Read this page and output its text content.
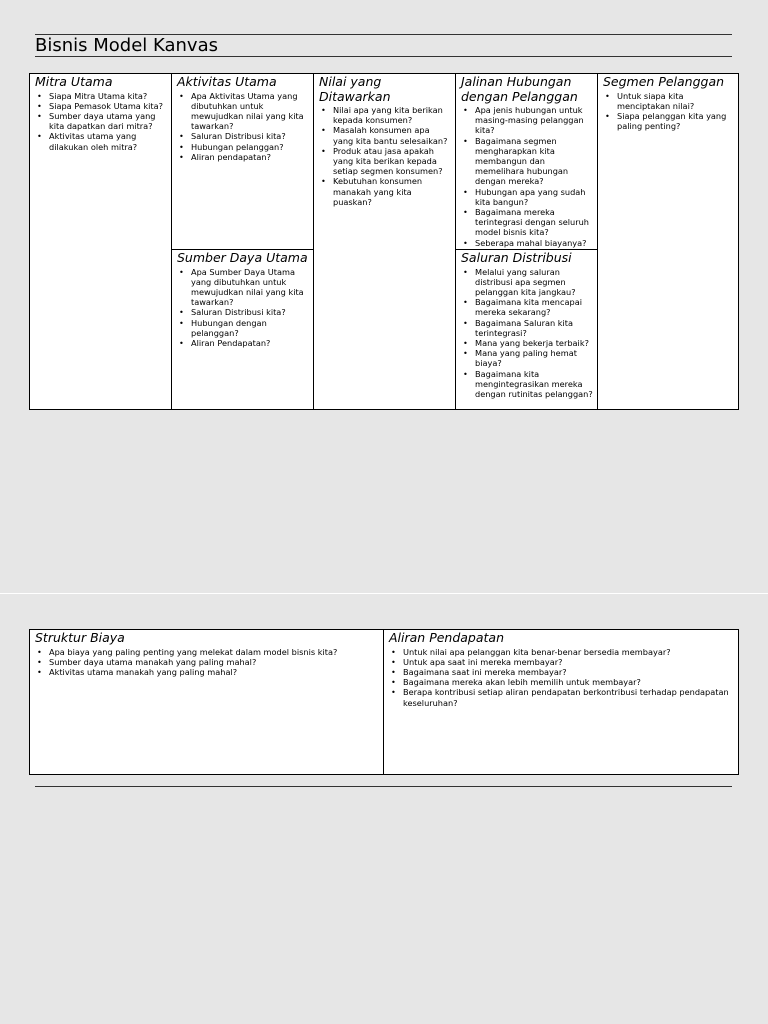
Bisnis Model Kanvas
Mitra Utama
• Siapa Mitra Utama kita?
• Siapa Pemasok Utama kita?
• Sumber daya utama yang kita dapatkan dari mitra?
• Aktivitas utama yang dilakukan oleh mitra?
Aktivitas Utama
• Apa Aktivitas Utama yang dibutuhkan untuk mewujudkan nilai yang kita tawarkan?
• Saluran Distribusi kita?
• Hubungan pelanggan?
• Aliran pendapatan?
Sumber Daya Utama
• Apa Sumber Daya Utama yang dibutuhkan untuk mewujudkan nilai yang kita tawarkan?
• Saluran Distribusi kita?
• Hubungan dengan pelanggan?
• Aliran Pendapatan?
Nilai yang Ditawarkan
• Nilai apa yang kita berikan kepada konsumen?
• Masalah konsumen apa yang kita bantu selesaikan?
• Produk atau jasa apakah yang kita berikan kepada setiap segmen konsumen?
• Kebutuhan konsumen manakah yang kita puaskan?
Jalinan Hubungan dengan Pelanggan
• Apa jenis hubungan untuk masing-masing pelanggan kita?
• Bagaimana segmen mengharapkan kita membangun dan memelihara hubungan dengan mereka?
• Hubungan apa yang sudah kita bangun?
• Bagaimana mereka terintegrasi dengan seluruh model bisnis kita?
• Seberapa mahal biayanya?
Saluran Distribusi
• Melalui yang saluran distribusi apa segmen pelanggan kita jangkau?
• Bagaimana kita mencapai mereka sekarang?
• Bagaimana Saluran kita terintegrasi?
• Mana yang bekerja terbaik?
• Mana yang paling hemat biaya?
• Bagaimana kita mengintegrasikan mereka dengan rutinitas pelanggan?
Segmen Pelanggan
• Untuk siapa kita menciptakan nilai?
• Siapa pelanggan kita yang paling penting?
Struktur Biaya
• Apa biaya yang paling penting yang melekat dalam model bisnis kita?
• Sumber daya utama manakah yang paling mahal?
• Aktivitas utama manakah yang paling mahal?
Aliran Pendapatan
• Untuk nilai apa pelanggan kita benar-benar bersedia membayar?
• Untuk apa saat ini mereka membayar?
• Bagaimana saat ini mereka membayar?
• Bagaimana mereka akan lebih memilih untuk membayar?
• Berapa kontribusi setiap aliran pendapatan berkontribusi terhadap pendapatan keseluruhan?
